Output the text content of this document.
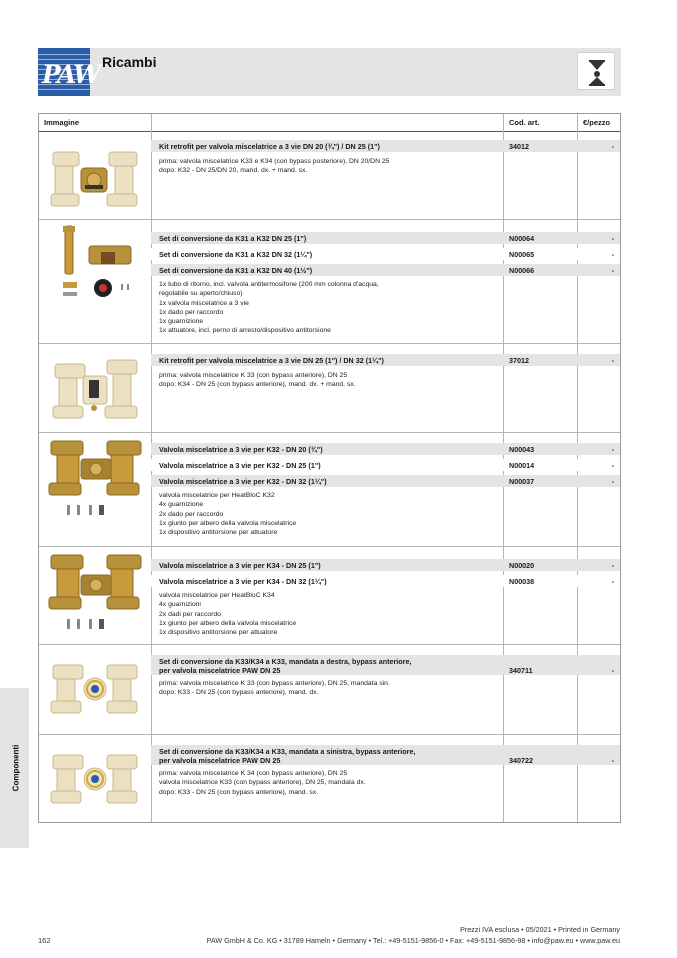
PAW Ricambi
Componenti
Immagine	Cod. art.	€/pezzo
Kit retrofit per valvola miscelatrice a 3 vie DN 20 (¾") / DN 25 (1")	34012	-
prima: valvola miscelatrice K33 e K34 (con bypass posteriore), DN 20/DN 25
dopo: K32 - DN 25/DN 20, mand. dx. + mand. sx.
Set di conversione da K31 a K32 DN 25 (1")	N00064	-
Set di conversione da K31 a K32 DN 32 (1¼")	N00065	-
Set di conversione da K31 a K32 DN 40 (1½")	N00066	-
1x tubo di ritorno, incl. valvola antitermosifone (200 mm colonna d'acqua,
regolabile su aperto/chiuso)
1x valvola miscelatrice a 3 vie
1x dado per raccordo
1x guarnizione
1x attuatore, incl. perno di arresto/dispositivo antitorsione
Kit retrofit per valvola miscelatrice a 3 vie DN 25 (1") / DN 32 (1¼")	37012	-
prima: valvola miscelatrice K 33 (con bypass anteriore), DN 25
dopo: K34 - DN 25 (con bypass anteriore), mand. dx. + mand. sx.
Valvola miscelatrice a 3 vie per K32 - DN 20 (¾")	N00043	-
Valvola miscelatrice a 3 vie per K32 - DN 25 (1")	N00014	-
Valvola miscelatrice a 3 vie per K32 - DN 32 (1¼")	N00037	-
valvola miscelatrice per HeatBloC K32
4x guarnizione
2x dado per raccordo
1x giunto per albero della valvola miscelatrice
1x dispositivo antitorsione per attuatore
Valvola miscelatrice a 3 vie per K34 - DN 25 (1")	N00020	-
Valvola miscelatrice a 3 vie per K34 - DN 32 (1¼")	N00038	-
valvola miscelatrice per HeatBloC K34
4x guarnizioni
2x dadi per raccordo
1x giunto per albero della valvola miscelatrice
1x dispositivo antitorsione per attuatore
Set di conversione da K33/K34 a K33, mandata a destra, bypass anteriore,
per valvola miscelatrice PAW DN 25	340711	-
prima: valvola miscelatrice K 33 (con bypass anteriore), DN 25, mandata sin.
dopo: K33 - DN 25 (con bypass anteriore), mand. dx.
Set di conversione da K33/K34 a K33, mandata a sinistra, bypass anteriore,
per valvola miscelatrice PAW DN 25	340722	-
prima: valvola miscelatrice K 34 (con bypass anteriore), DN 25
valvola miscelatrice K33 (con bypass anteriore), DN 25, mandata dx.
dopo: K33 - DN 25 (con bypass anteriore), mand. sx.
Prezzi IVA esclusa • 05/2021 • Printed in Germany
PAW GmbH & Co. KG • 31789 Hameln • Germany • Tel.: +49-5151-9856-0 • Fax: +49-5151-9856-98 • info@paw.eu • www.paw.eu
162
